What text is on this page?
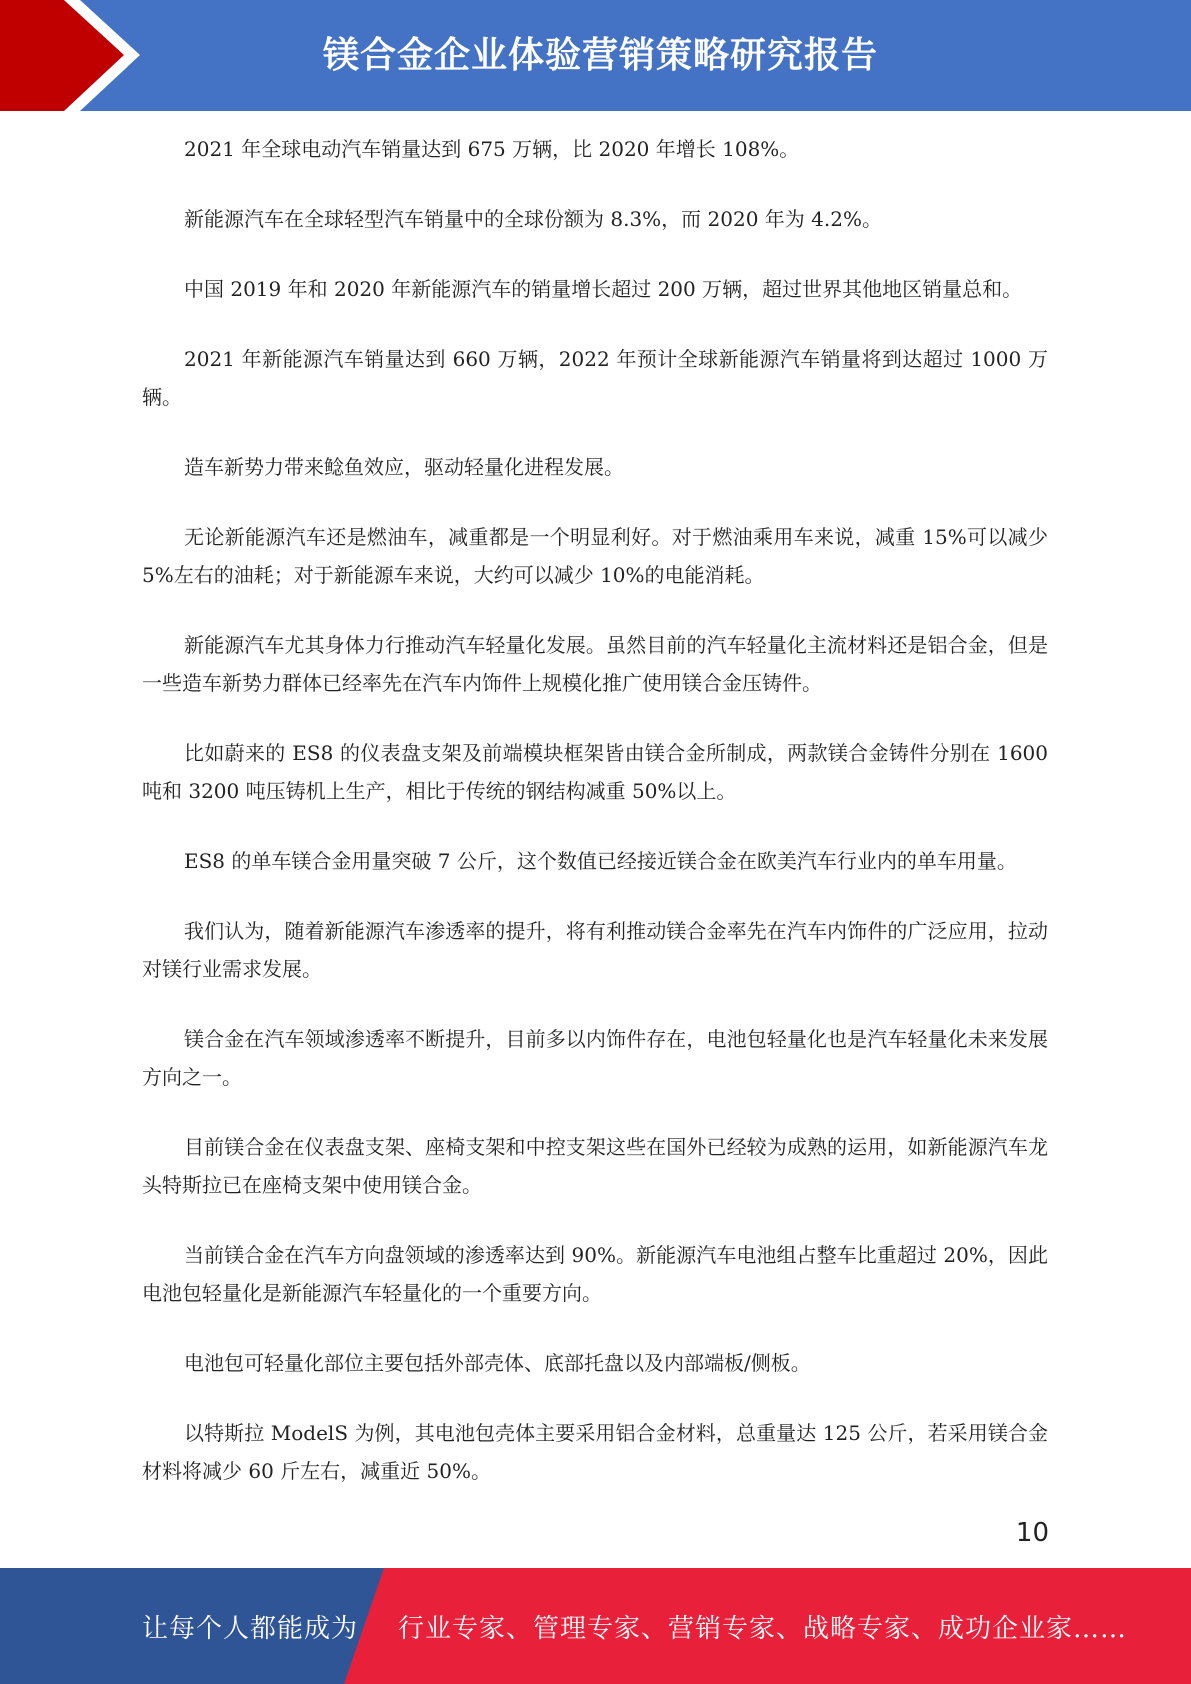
镁合金企业体验营销策略研究报告

2021 年全球电动汽车销量达到 675 万辆，比 2020 年增长 108%。

新能源汽车在全球轻型汽车销量中的全球份额为 8.3%，而 2020 年为 4.2%。

中国 2019 年和 2020 年新能源汽车的销量增长超过 200 万辆，超过世界其他地区销量总和。

2021 年新能源汽车销量达到 660 万辆，2022 年预计全球新能源汽车销量将到达超过 1000 万辆。

造车新势力带来鲶鱼效应，驱动轻量化进程发展。

无论新能源汽车还是燃油车，减重都是一个明显利好。对于燃油乘用车来说，减重 15%可以减少 5%左右的油耗；对于新能源车来说，大约可以减少 10%的电能消耗。

新能源汽车尤其身体力行推动汽车轻量化发展。虽然目前的汽车轻量化主流材料还是铝合金，但是一些造车新势力群体已经率先在汽车内饰件上规模化推广使用镁合金压铸件。

比如蔚来的 ES8 的仪表盘支架及前端模块框架皆由镁合金所制成，两款镁合金铸件分别在 1600 吨和 3200 吨压铸机上生产，相比于传统的钢结构减重 50%以上。

ES8 的单车镁合金用量突破 7 公斤，这个数值已经接近镁合金在欧美汽车行业内的单车用量。

我们认为，随着新能源汽车渗透率的提升，将有利推动镁合金率先在汽车内饰件的广泛应用，拉动对镁行业需求发展。

镁合金在汽车领域渗透率不断提升，目前多以内饰件存在，电池包轻量化也是汽车轻量化未来发展方向之一。

目前镁合金在仪表盘支架、座椅支架和中控支架这些在国外已经较为成熟的运用，如新能源汽车龙头特斯拉已在座椅支架中使用镁合金。

当前镁合金在汽车方向盘领域的渗透率达到 90%。新能源汽车电池组占整车比重超过 20%，因此电池包轻量化是新能源汽车轻量化的一个重要方向。

电池包可轻量化部位主要包括外部壳体、底部托盘以及内部端板/侧板。

以特斯拉 ModelS 为例，其电池包壳体主要采用铝合金材料，总重量达 125 公斤，若采用镁合金材料将减少 60 斤左右，减重近 50%。

10
让每个人都能成为 行业专家、管理专家、营销专家、战略专家、成功企业家……
